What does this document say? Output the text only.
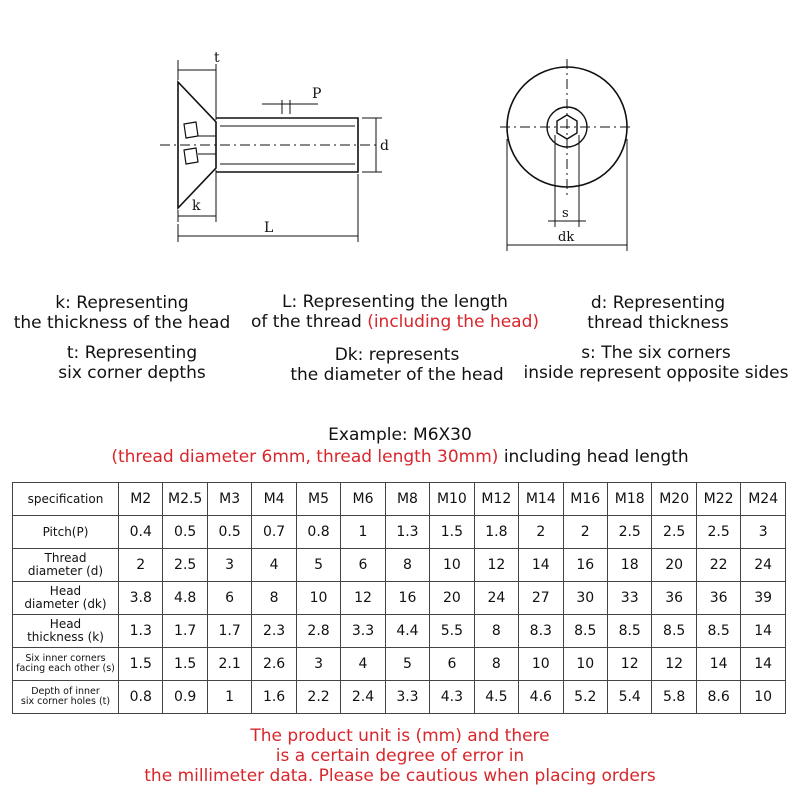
t
P
d
k
L
s
dk
k: Representing
the thickness of the head
L: Representing the length
of the thread (including the head)
d: Representing
thread thickness
t: Representing
six corner depths
Dk: represents
the diameter of the head
s: The six corners
inside represent opposite sides
Example: M6X30
(thread diameter 6mm, thread length 30mm) including head length
specification	M2	M2.5	M3	M4	M5	M6	M8	M10	M12	M14	M16	M18	M20	M22	M24

Pitch(P)	0.4	0.5	0.5	0.7	0.8	1	1.3	1.5	1.8	2	2	2.5	2.5	2.5	3

Thread
diameter (d)	2	2.5	3	4	5	6	8	10	12	14	16	18	20	22	24

Head
diameter (dk)	3.8	4.8	6	8	10	12	16	20	24	27	30	33	36	36	39

Head
thickness (k)	1.3	1.7	1.7	2.3	2.8	3.3	4.4	5.5	8	8.3	8.5	8.5	8.5	8.5	14

Six inner corners
facing each other (s)	1.5	1.5	2.1	2.6	3	4	5	6	8	10	10	12	12	14	14

Depth of inner
six corner holes (t)	0.8	0.9	1	1.6	2.2	2.4	3.3	4.3	4.5	4.6	5.2	5.4	5.8	8.6	10
The product unit is (mm) and there
is a certain degree of error in
the millimeter data. Please be cautious when placing orders
